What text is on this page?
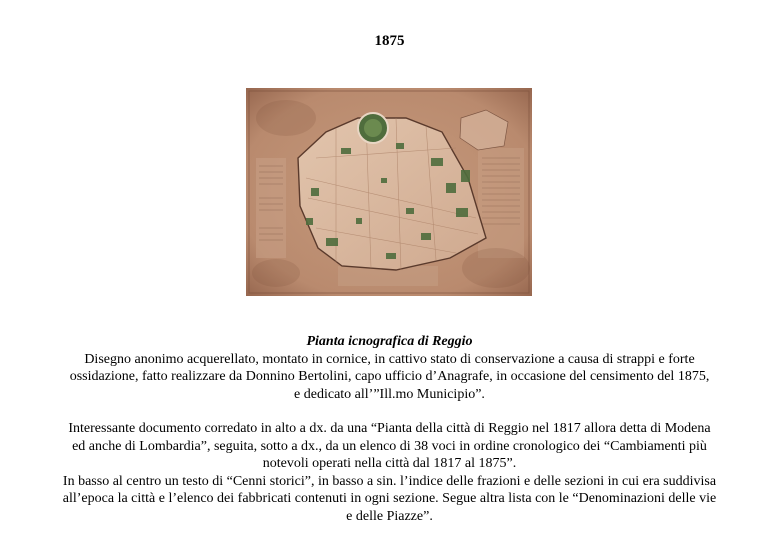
1875
Pianta icnografica di Reggio
Disegno anonimo acquerellato, montato in cornice, in cattivo stato di conservazione a causa di strappi e forte ossidazione, fatto realizzare da Donnino Bertolini, capo ufficio d’Anagrafe, in occasione del censimento del 1875, e dedicato all’”Ill.mo Municipio”.
Interessante documento corredato in alto a dx. da una “Pianta della città di Reggio nel 1817 allora detta di Modena ed anche di Lombardia”, seguita, sotto a dx., da un elenco di 38 voci in ordine cronologico dei “Cambiamenti più notevoli operati nella città dal 1817 al 1875”.
In basso al centro un testo di “Cenni storici”, in basso a sin. l’indice delle frazioni e delle sezioni in cui era suddivisa all’epoca la città e l’elenco dei fabbricati contenuti in ogni sezione. Segue altra lista con le “Denominazioni delle vie e delle Piazze”.
